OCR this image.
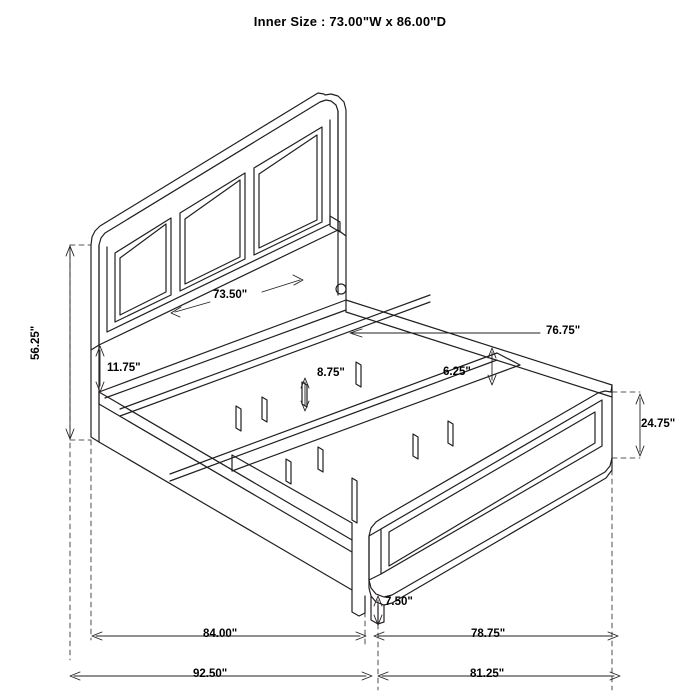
Inner Size : 73.00"W x 86.00"D
56.25"
73.50"
11.75"	8.75"	6.25"
76.75"
24.75"
7.50"
84.00"	78.75"
92.50"	81.25"
